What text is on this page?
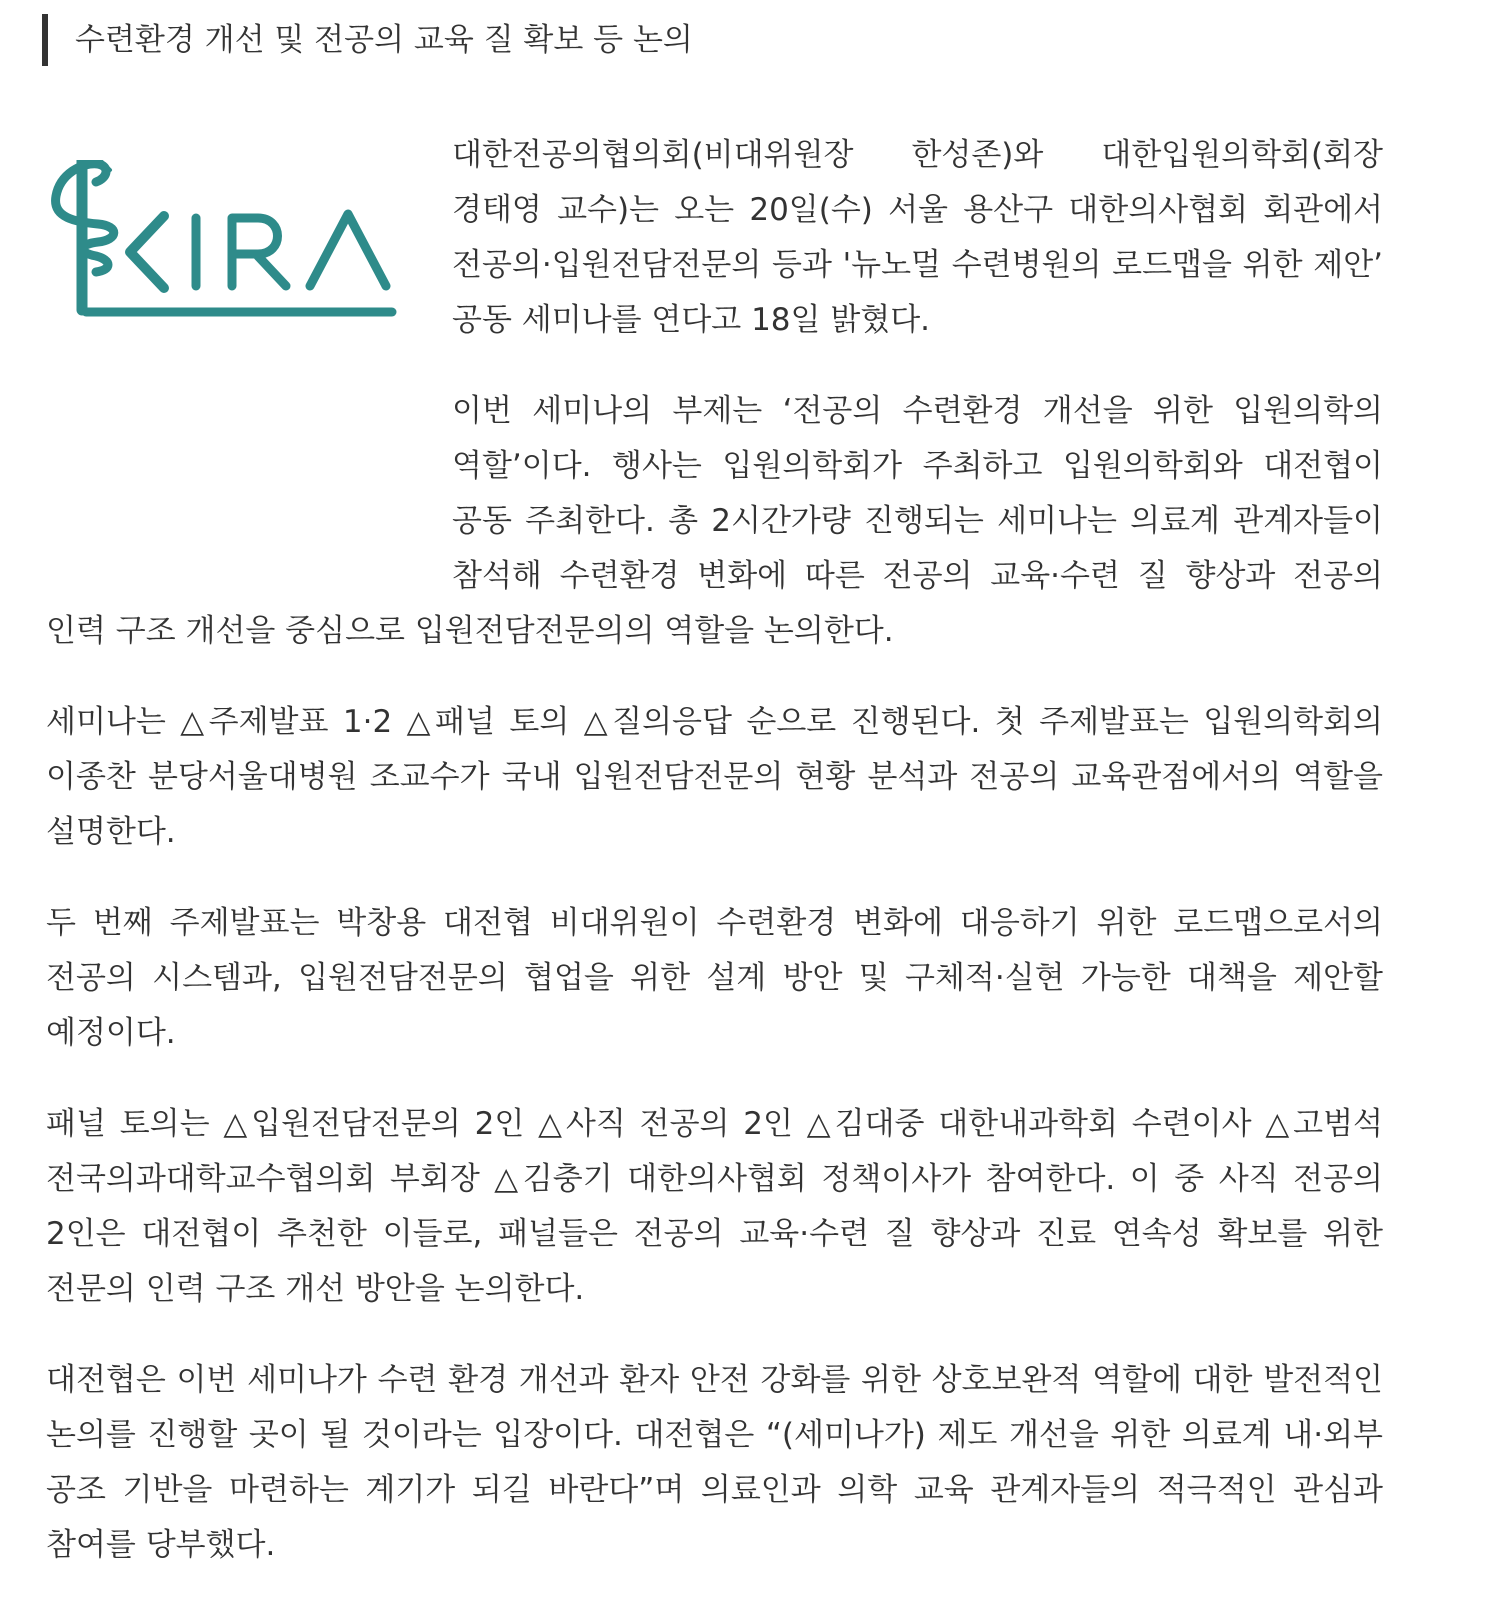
수련환경 개선 및 전공의 교육 질 확보 등 논의

대한전공의협의회(비대위원장 한성존)와 대한입원의학회(회장 경태영 교수)는 오는 20일(수) 서울 용산구 대한의사협회 회관에서 전공의·입원전담전문의 등과 '뉴노멀 수련병원의 로드맵을 위한 제안’ 공동 세미나를 연다고 18일 밝혔다.

이번 세미나의 부제는 ‘전공의 수련환경 개선을 위한 입원의학의 역할’이다. 행사는 입원의학회가 주최하고 입원의학회와 대전협이 공동 주최한다. 총 2시간가량 진행되는 세미나는 의료계 관계자들이 참석해 수련환경 변화에 따른 전공의 교육·수련 질 향상과 전공의 인력 구조 개선을 중심으로 입원전담전문의의 역할을 논의한다.

세미나는 △주제발표 1·2 △패널 토의 △질의응답 순으로 진행된다. 첫 주제발표는 입원의학회의 이종찬 분당서울대병원 조교수가 국내 입원전담전문의 현황 분석과 전공의 교육관점에서의 역할을 설명한다.

두 번째 주제발표는 박창용 대전협 비대위원이 수련환경 변화에 대응하기 위한 로드맵으로서의 전공의 시스템과, 입원전담전문의 협업을 위한 설계 방안 및 구체적·실현 가능한 대책을 제안할 예정이다.

패널 토의는 △입원전담전문의 2인 △사직 전공의 2인 △김대중 대한내과학회 수련이사 △고범석 전국의과대학교수협의회 부회장 △김충기 대한의사협회 정책이사가 참여한다. 이 중 사직 전공의 2인은 대전협이 추천한 이들로, 패널들은 전공의 교육·수련 질 향상과 진료 연속성 확보를 위한 전문의 인력 구조 개선 방안을 논의한다.

대전협은 이번 세미나가 수련 환경 개선과 환자 안전 강화를 위한 상호보완적 역할에 대한 발전적인 논의를 진행할 곳이 될 것이라는 입장이다. 대전협은 “(세미나가) 제도 개선을 위한 의료계 내·외부 공조 기반을 마련하는 계기가 되길 바란다”며 의료인과 의학 교육 관계자들의 적극적인 관심과 참여를 당부했다.
